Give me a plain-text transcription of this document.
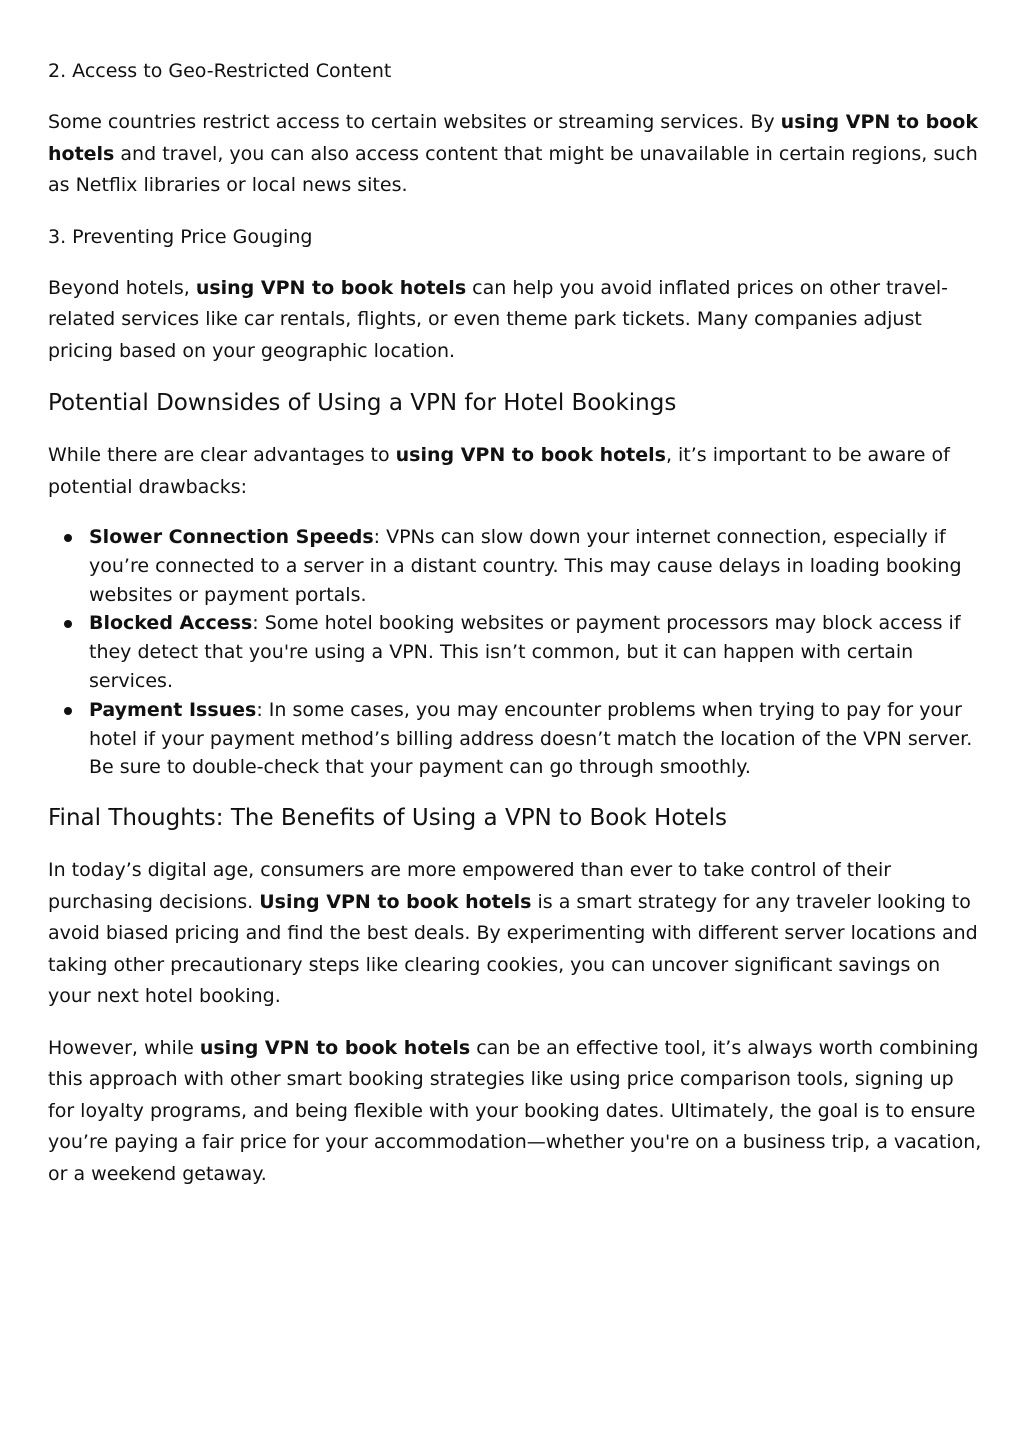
2. Access to Geo-Restricted Content

Some countries restrict access to certain websites or streaming services. By using VPN to book hotels and travel, you can also access content that might be unavailable in certain regions, such as Netflix libraries or local news sites.

3. Preventing Price Gouging

Beyond hotels, using VPN to book hotels can help you avoid inflated prices on other travel-related services like car rentals, flights, or even theme park tickets. Many companies adjust pricing based on your geographic location.

Potential Downsides of Using a VPN for Hotel Bookings

While there are clear advantages to using VPN to book hotels, it’s important to be aware of potential drawbacks:

Slower Connection Speeds: VPNs can slow down your internet connection, especially if you’re connected to a server in a distant country. This may cause delays in loading booking websites or payment portals.
Blocked Access: Some hotel booking websites or payment processors may block access if they detect that you're using a VPN. This isn’t common, but it can happen with certain services.
Payment Issues: In some cases, you may encounter problems when trying to pay for your hotel if your payment method’s billing address doesn’t match the location of the VPN server. Be sure to double-check that your payment can go through smoothly.
Final Thoughts: The Benefits of Using a VPN to Book Hotels

In today’s digital age, consumers are more empowered than ever to take control of their purchasing decisions. Using VPN to book hotels is a smart strategy for any traveler looking to avoid biased pricing and find the best deals. By experimenting with different server locations and taking other precautionary steps like clearing cookies, you can uncover significant savings on your next hotel booking.

However, while using VPN to book hotels can be an effective tool, it’s always worth combining this approach with other smart booking strategies like using price comparison tools, signing up for loyalty programs, and being flexible with your booking dates. Ultimately, the goal is to ensure you’re paying a fair price for your accommodation—whether you're on a business trip, a vacation, or a weekend getaway.
